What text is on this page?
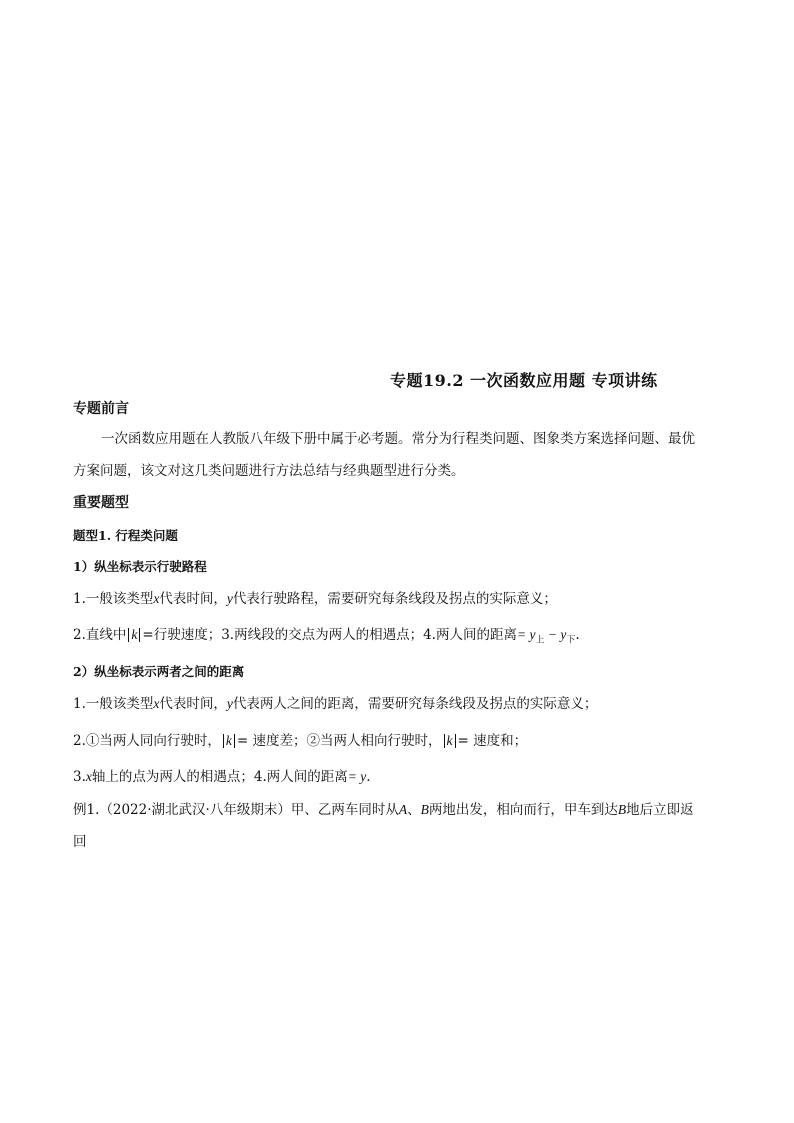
专题19.2 一次函数应用题 专项讲练
专题前言
一次函数应用题在人教版八年级下册中属于必考题。常分为行程类问题、图象类方案选择问题、最优
方案问题，该文对这几类问题进行方法总结与经典题型进行分类。
重要题型
题型1. 行程类问题
1）纵坐标表示行驶路程
1.一般该类型x代表时间，y代表行驶路程，需要研究每条线段及拐点的实际意义；
2.直线中 k =行驶速度；3.两线段的交点为两人的相遇点；4.两人间的距离= $y_上 - y_下$.
2）纵坐标表示两者之间的距离
1.一般该类型x代表时间，y代表两人之间的距离，需要研究每条线段及拐点的实际意义；
2.①当两人同向行驶时， k = 速度差；②当两人相向行驶时， k = 速度和；
3.x轴上的点为两人的相遇点；4.两人间的距离= y.
例1.（2022·湖北武汉·八年级期末）甲、乙两车同时从A、B两地出发，相向而行，甲车到达B地后立即返
回
